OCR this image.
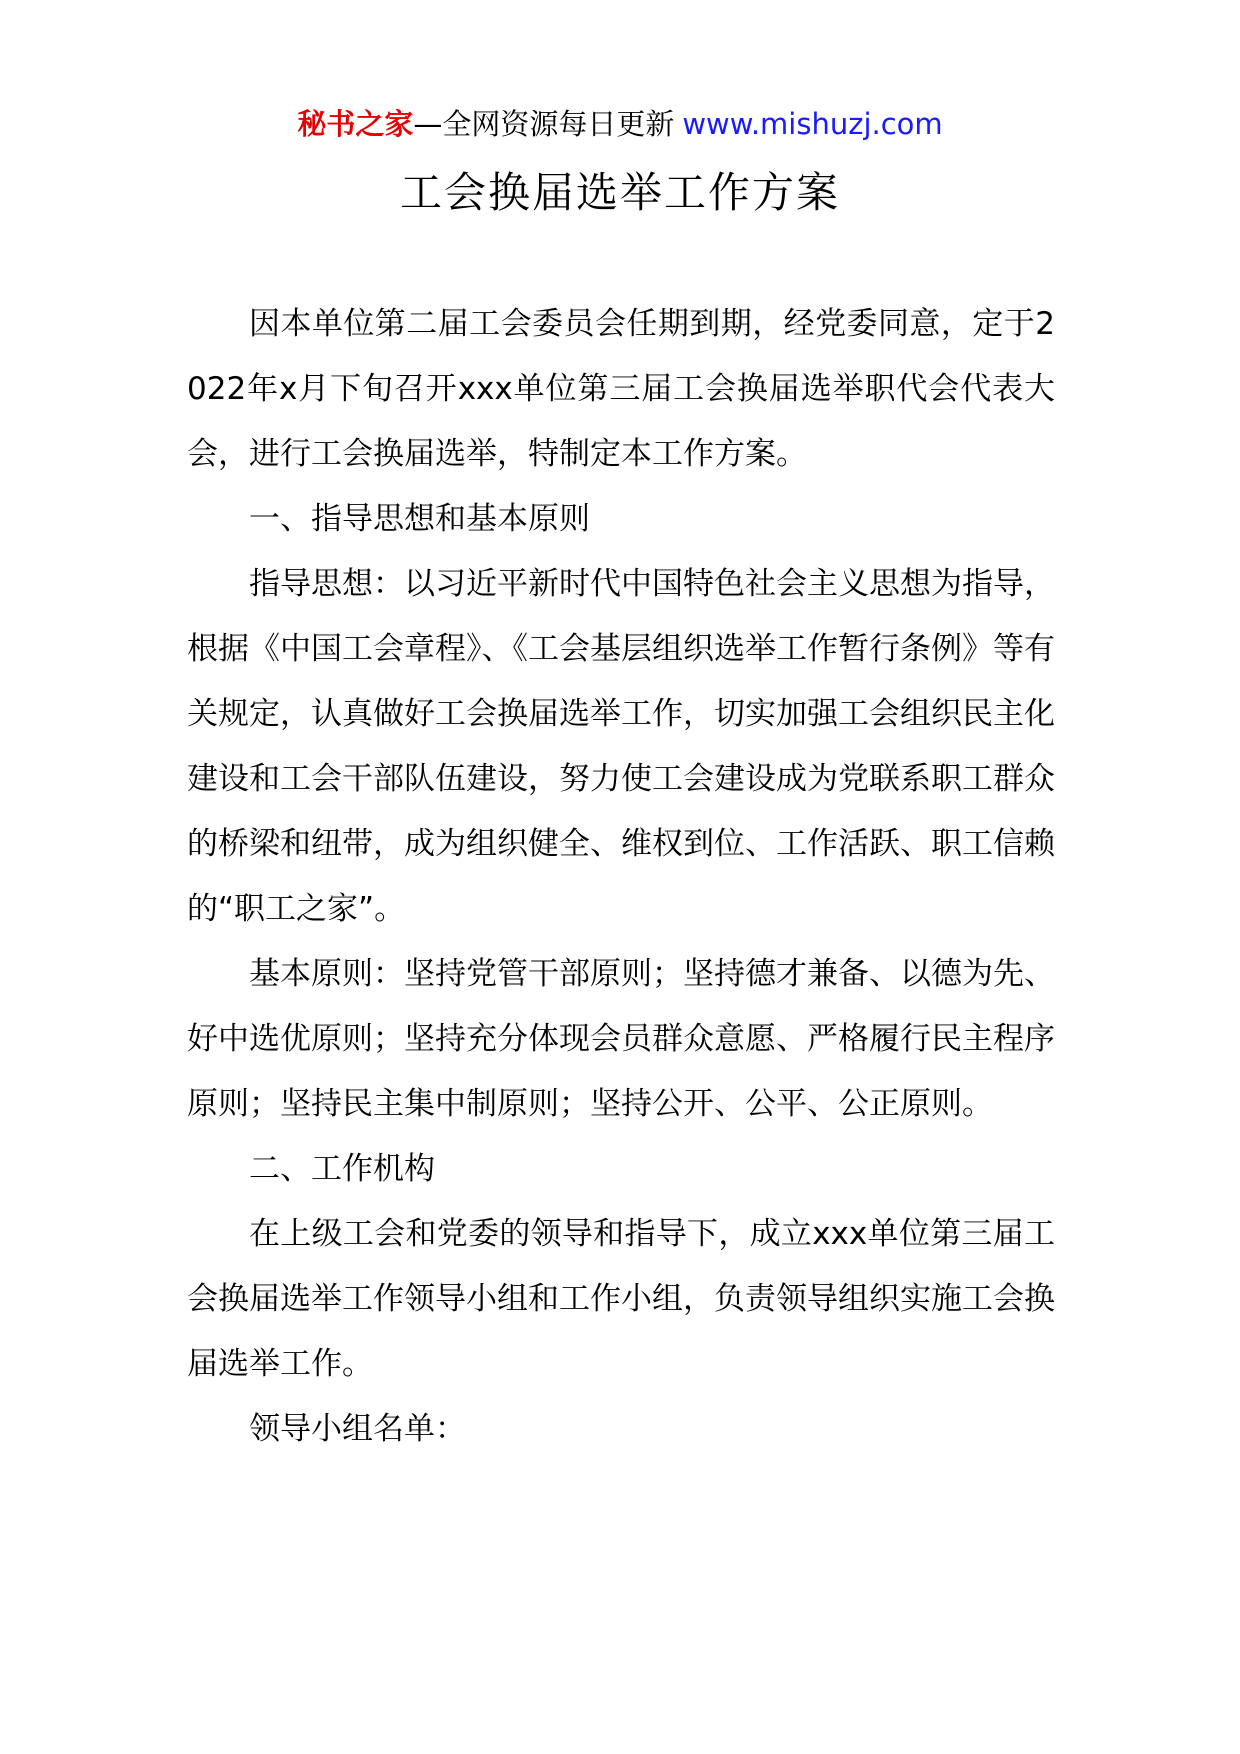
秘书之家—全网资源每日更新 www.mishuzj.com
工会换届选举工作方案

因本单位第二届工会委员会任期到期，经党委同意，定于2022年x月下旬召开xxx单位第三届工会换届选举职代会代表大会，进行工会换届选举，特制定本工作方案。

一、指导思想和基本原则

指导思想：以习近平新时代中国特色社会主义思想为指导，根据《中国工会章程》、《工会基层组织选举工作暂行条例》等有关规定，认真做好工会换届选举工作，切实加强工会组织民主化建设和工会干部队伍建设，努力使工会建设成为党联系职工群众的桥梁和纽带，成为组织健全、维权到位、工作活跃、职工信赖的“职工之家”。

基本原则：坚持党管干部原则；坚持德才兼备、以德为先、好中选优原则；坚持充分体现会员群众意愿、严格履行民主程序原则；坚持民主集中制原则；坚持公开、公平、公正原则。

二、工作机构

在上级工会和党委的领导和指导下，成立xxx单位第三届工会换届选举工作领导小组和工作小组，负责领导组织实施工会换届选举工作。

领导小组名单：
